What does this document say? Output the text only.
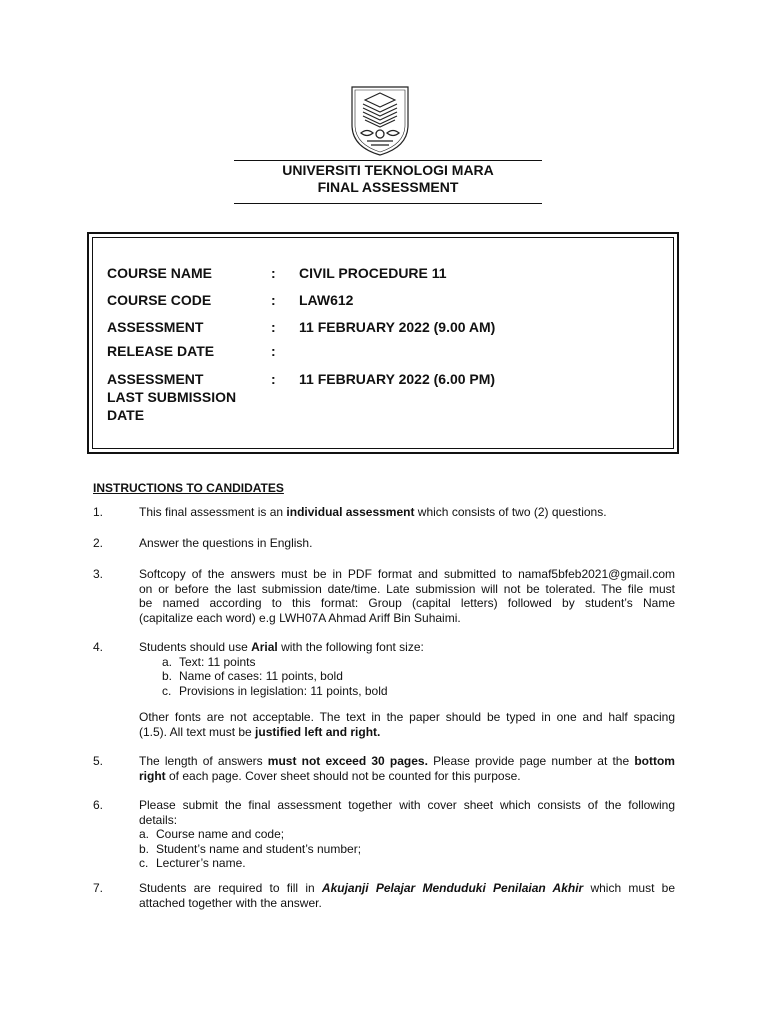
UNIVERSITI TEKNOLOGI MARA
FINAL ASSESSMENT
COURSE NAME	: CIVIL PROCEDURE 11
COURSE CODE	: LAW612
ASSESSMENT	: 11 FEBRUARY 2022 (9.00 AM)
RELEASE DATE	:
ASSESSMENT	: 11 FEBRUARY 2022 (6.00 PM)
LAST SUBMISSION
DATE
INSTRUCTIONS TO CANDIDATES
1.	This final assessment is an individual assessment which consists of two (2) questions.
2.	Answer the questions in English.
3.	Softcopy of the answers must be in PDF format and submitted to namaf5bfeb2021@gmail.com
on or before the last submission date/time. Late submission will not be tolerated. The file must
be named according to this format: Group (capital letters) followed by student’s Name
(capitalize each word) e.g LWH07A Ahmad Ariff Bin Suhaimi.
4.	Students should use Arial with the following font size:
a. Text: 11 points
b. Name of cases: 11 points, bold
c. Provisions in legislation: 11 points, bold
Other fonts are not acceptable. The text in the paper should be typed in one and half spacing
(1.5). All text must be justified left and right.
5.	The length of answers must not exceed 30 pages. Please provide page number at the bottom
right of each page. Cover sheet should not be counted for this purpose.
6.	Please submit the final assessment together with cover sheet which consists of the following
details:
a. Course name and code;
b. Student’s name and student’s number;
c. Lecturer’s name.
7.	Students are required to fill in Akujanji Pelajar Menduduki Penilaian Akhir which must be
attached together with the answer.
